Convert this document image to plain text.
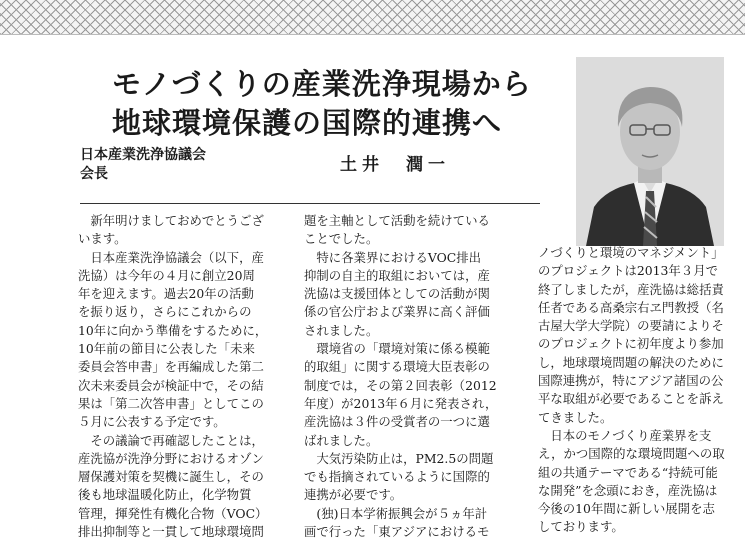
モノづくりの産業洗浄現場から
地球環境保護の国際的連携へ
日本産業洗浄協議会
会長	土井　潤一
　新年明けましておめでとうござ
います。
　日本産業洗浄協議会（以下，産
洗協）は今年の４月に創立20周
年を迎えます。過去20年の活動
を振り返り，さらにこれからの
10年に向かう準備をするために，
10年前の節目に公表した「未来
委員会答申書」を再編成した第二
次未来委員会が検証中で，その結
果は「第二次答申書」としてこの
５月に公表する予定です。
　その議論で再確認したことは，
産洗協が洗浄分野におけるオゾン
層保護対策を契機に誕生し，その
後も地球温暖化防止，化学物質
管理，揮発性有機化合物（VOC）
排出抑制等と一貫して地球環境問
題を主軸として活動を続けている
ことでした。
　特に各業界におけるVOC排出
抑制の自主的取組においては，産
洗協は支援団体としての活動が関
係の官公庁および業界に高く評価
されました。
　環境省の「環境対策に係る模範
的取組」に関する環境大臣表彰の
制度では，その第２回表彰（2012
年度）が2013年６月に発表され，
産洗協は３件の受賞者の一つに選
ばれました。
　大気汚染防止は，PM2.5の問題
でも指摘されているように国際的
連携が必要です。
　(独)日本学術振興会が５ヵ年計
画で行った「東アジアにおけるモ
ノづくりと環境のマネジメント」
のプロジェクトは2013年３月で
終了しましたが，産洗協は総括責
任者である高桑宗右ヱ門教授（名
古屋大学大学院）の要請によりそ
のプロジェクトに初年度より参加
し，地球環境問題の解決のために
国際連携が，特にアジア諸国の公
平な取組が必要であることを訴え
てきました。
　日本のモノづくり産業界を支
え，かつ国際的な環境問題への取
組の共通テーマである“持続可能
な開発”を念頭におき，産洗協は
今後の10年間に新しい展開を志
しております。
